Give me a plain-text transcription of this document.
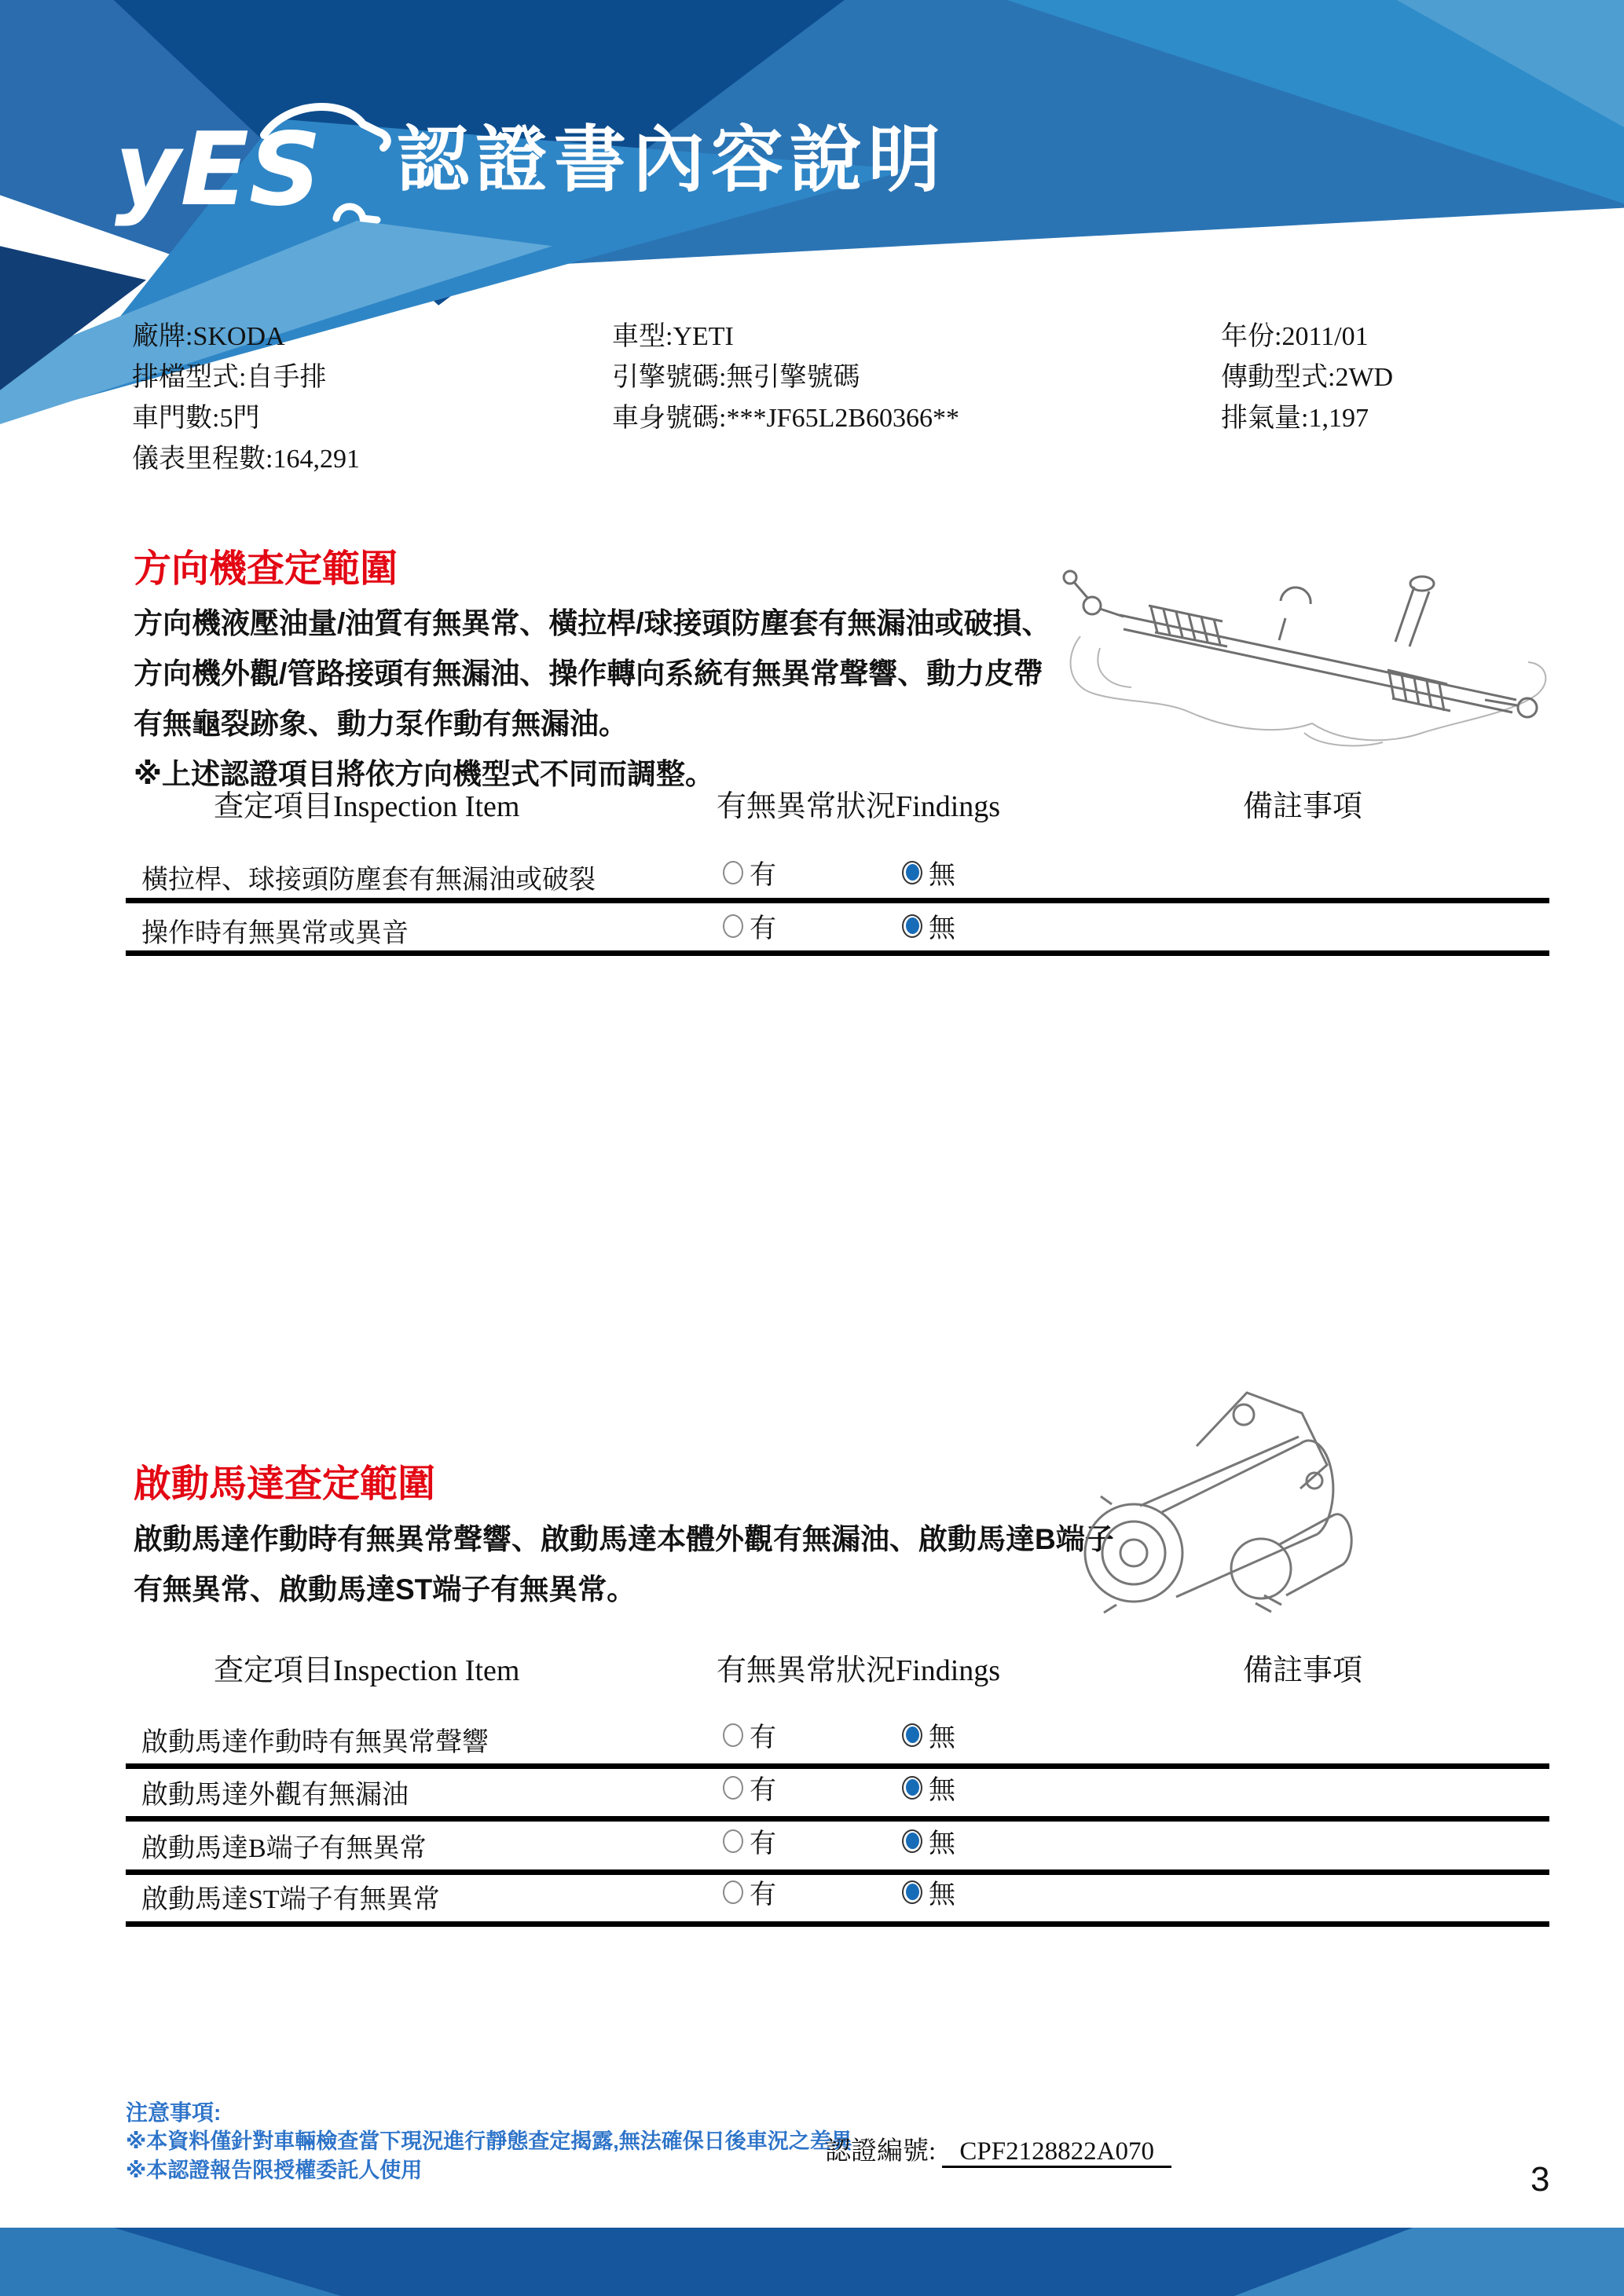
yES 認證書內容說明
廠牌:SKODA
排檔型式:自手排
車門數:5門
儀表里程數:164,291
車型:YETI
引擎號碼:無引擎號碼
車身號碼:***JF65L2B60366**
年份:2011/01
傳動型式:2WD
排氣量:1,197
方向機查定範圍
方向機液壓油量/油質有無異常、橫拉桿/球接頭防塵套有無漏油或破損、
方向機外觀/管路接頭有無漏油、操作轉向系統有無異常聲響、動力皮帶
有無龜裂跡象、動力泵作動有無漏油。
※上述認證項目將依方向機型式不同而調整。
查定項目Inspection Item	有無異常狀況Findings	備註事項
橫拉桿、球接頭防塵套有無漏油或破裂	有	無
操作時有無異常或異音	有	無
啟動馬達查定範圍
啟動馬達作動時有無異常聲響、啟動馬達本體外觀有無漏油、啟動馬達B端子
有無異常、啟動馬達ST端子有無異常。
查定項目Inspection Item	有無異常狀況Findings	備註事項
啟動馬達作動時有無異常聲響	有	無
啟動馬達外觀有無漏油	有	無
啟動馬達B端子有無異常	有	無
啟動馬達ST端子有無異常	有	無
注意事項:
※本資料僅針對車輛檢查當下現況進行靜態查定揭露,無法確保日後車況之差異
※本認證報告限授權委託人使用
認證編號: CPF2128822A070
3
